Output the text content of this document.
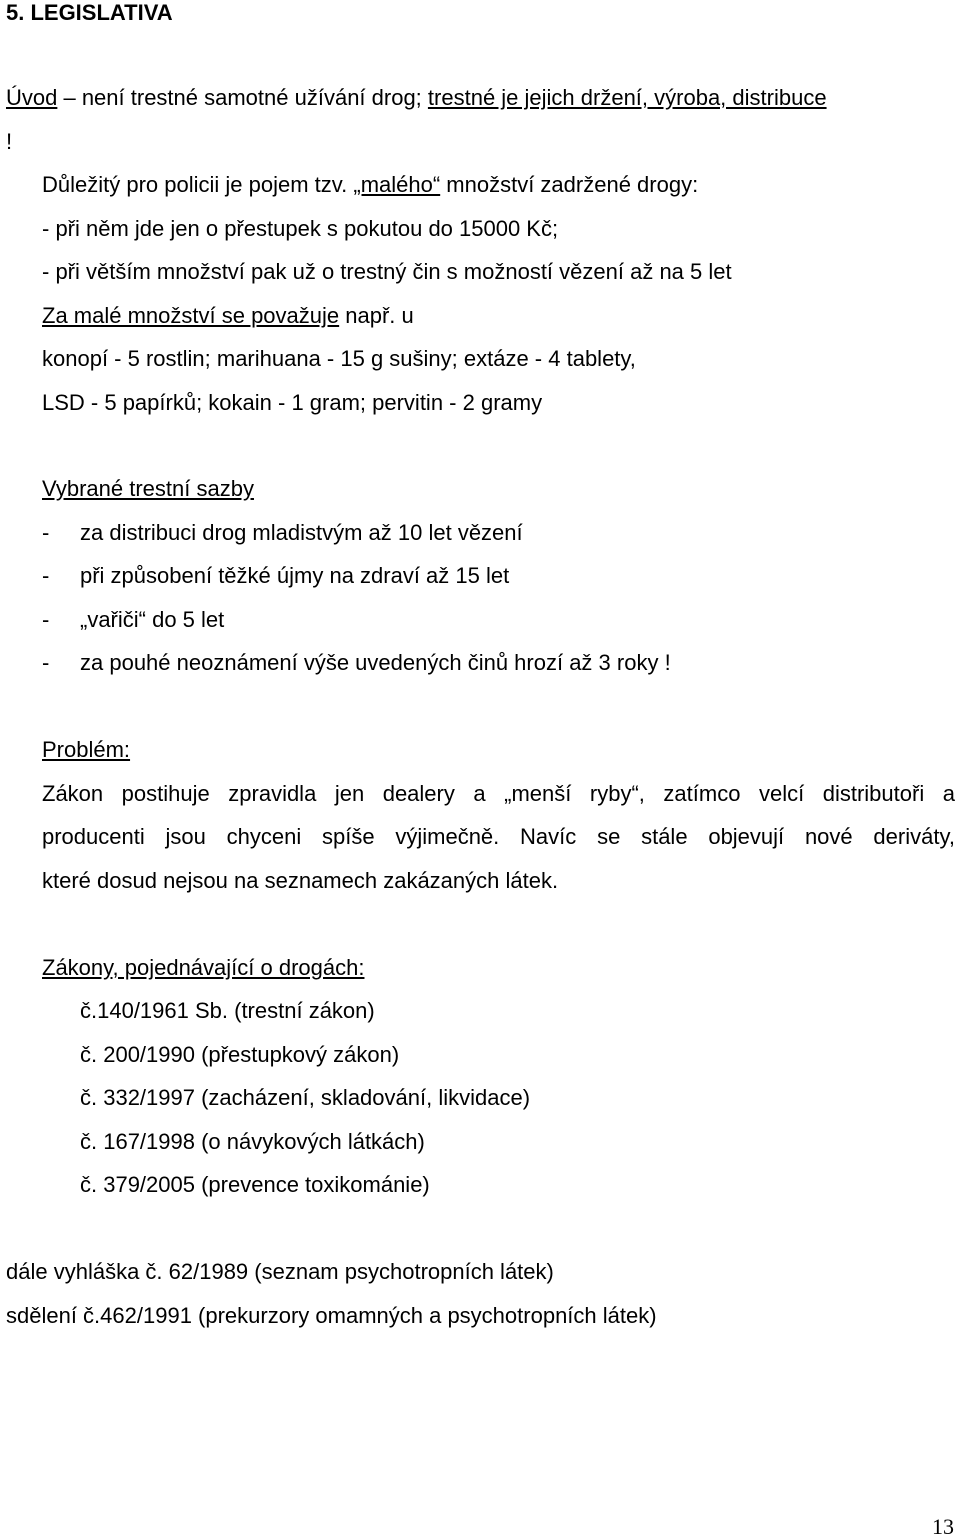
5. LEGISLATIVA
Úvod – není trestné samotné užívání drog; trestné je jejich držení, výroba, distribuce
!
Důležitý pro policii je pojem tzv. „malého“ množství zadržené drogy:
- při něm jde jen o přestupek s pokutou do 15000 Kč;
- při větším množství pak už o trestný čin s možností vězení až na 5 let
Za malé množství se považuje např. u
konopí - 5 rostlin; marihuana - 15 g sušiny; extáze - 4 tablety,
LSD - 5 papírků; kokain - 1 gram; pervitin - 2 gramy
Vybrané trestní sazby
- za distribuci drog mladistvým až 10 let vězení
- při způsobení těžké újmy na zdraví až 15 let
- „vařiči“ do 5 let
- za pouhé neoznámení výše uvedených činů hrozí až 3 roky !
Problém:
Zákon postihuje zpravidla jen dealery a „menší ryby“, zatímco velcí distributoři a
producenti jsou chyceni spíše výjimečně. Navíc se stále objevují nové deriváty,
které dosud nejsou na seznamech zakázaných látek.
Zákony, pojednávající o drogách:
č.140/1961 Sb. (trestní zákon)
č. 200/1990 (přestupkový zákon)
č. 332/1997 (zacházení, skladování, likvidace)
č. 167/1998 (o návykových látkách)
č. 379/2005 (prevence toxikománie)
dále vyhláška č. 62/1989 (seznam psychotropních látek)
sdělení č.462/1991 (prekurzory omamných a psychotropních látek)
13
